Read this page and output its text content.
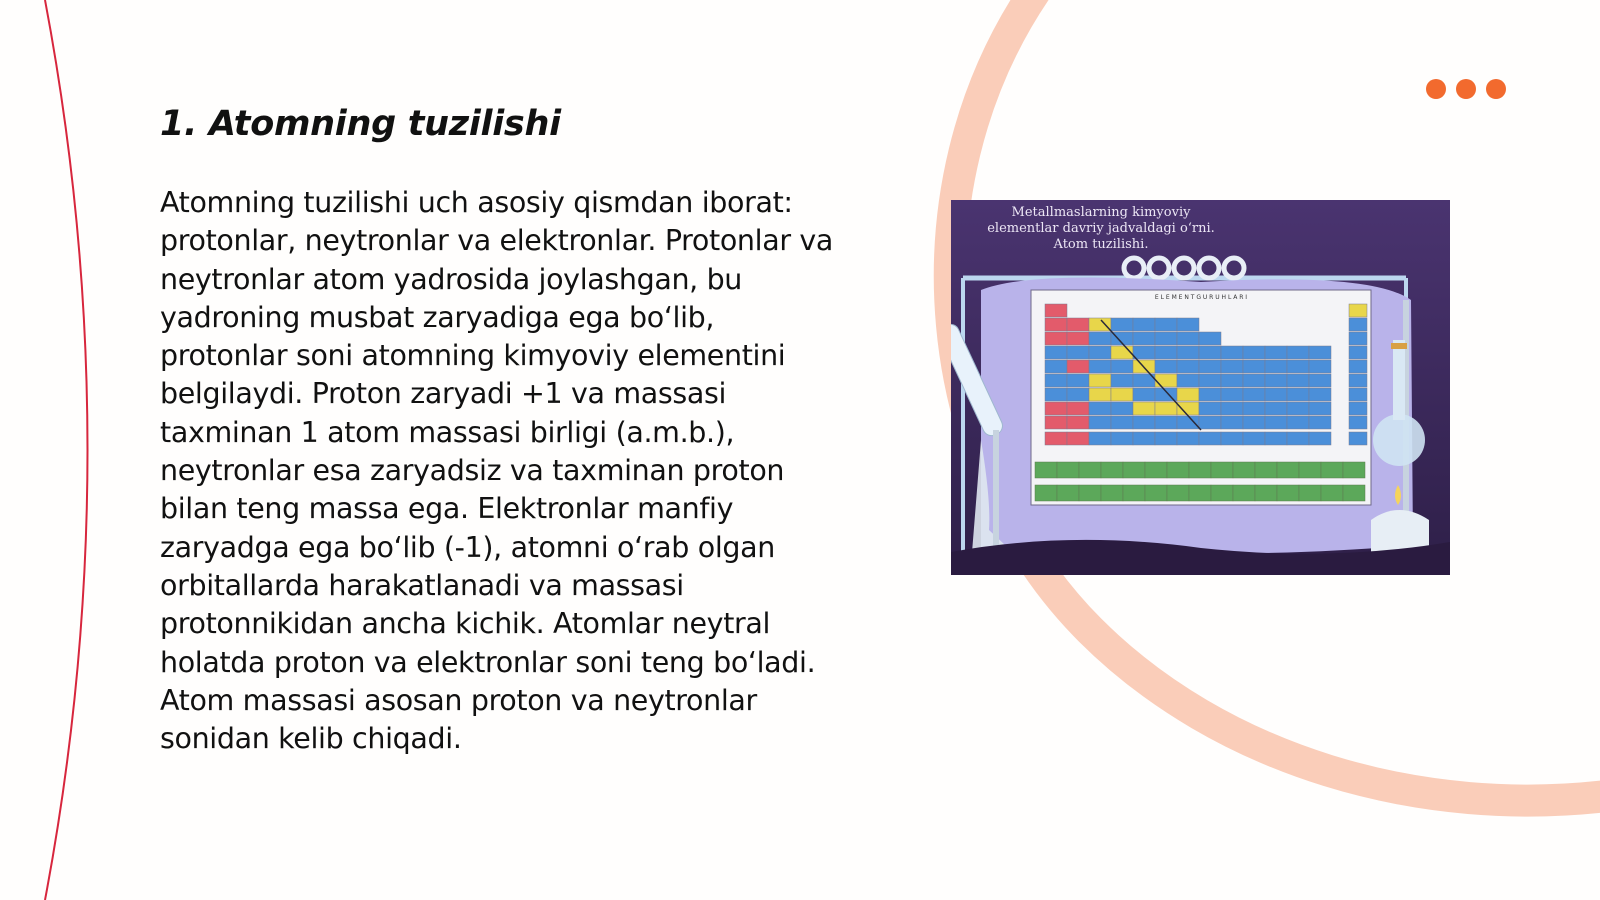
1. Atomning tuzilishi

Atomning tuzilishi uch asosiy qismdan iborat: protonlar, neytronlar va elektronlar. Protonlar va neytronlar atom yadrosida joylashgan, bu yadroning musbat zaryadiga ega bo‘lib, protonlar soni atomning kimyoviy elementini belgilaydi. Proton zaryadi +1 va massasi taxminan 1 atom massasi birligi (a.m.b.), neytronlar esa zaryadsiz va taxminan proton bilan teng massa ega. Elektronlar manfiy zaryadga ega bo‘lib (-1), atomni o‘rab olgan orbitallarda harakatlanadi va massasi protonnikidan ancha kichik. Atomlar neytral holatda proton va elektronlar soni teng bo‘ladi. Atom massasi asosan proton va neytronlar sonidan kelib chiqadi.

Metallmaslarning kimyoviy
elementlar davriy jadvaldagi o‘rni.
Atom tuzilishi.
E L E M E N T G U R U H L A R I
